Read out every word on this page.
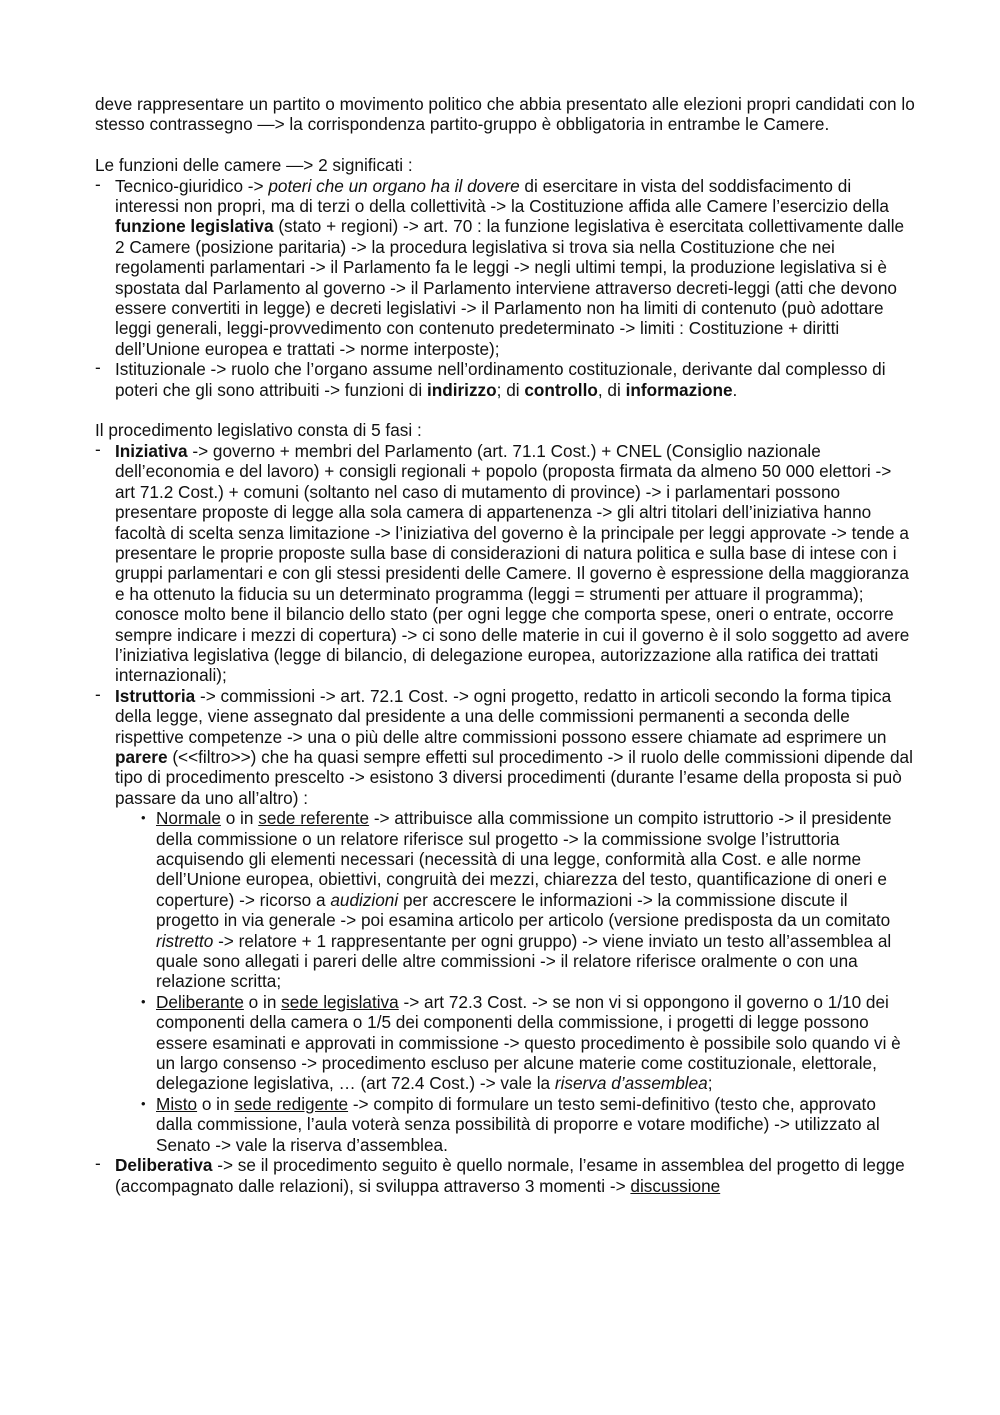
deve rappresentare un partito o movimento politico che abbia presentato alle elezioni propri candidati con lo stesso contrassegno —> la corrispondenza partito-gruppo è obbligatoria in entrambe le Camere.

Le funzioni delle camere —> 2 significati :

- Tecnico-giuridico -> poteri che un organo ha il dovere di esercitare in vista del soddisfacimento di interessi non propri, ma di terzi o della collettività -> la Costituzione affida alle Camere l’esercizio della funzione legislativa (stato + regioni) -> art. 70 : la funzione legislativa è esercitata collettivamente dalle 2 Camere (posizione paritaria) -> la procedura legislativa si trova sia nella Costituzione che nei regolamenti parlamentari -> il Parlamento fa le leggi -> negli ultimi tempi, la produzione legislativa si è spostata dal Parlamento al governo -> il Parlamento interviene attraverso decreti-leggi (atti che devono essere convertiti in legge) e decreti legislativi -> il Parlamento non ha limiti di contenuto (può adottare leggi generali, leggi-provvedimento con contenuto predeterminato -> limiti : Costituzione + diritti dell’Unione europea e trattati -> norme interposte);
- Istituzionale -> ruolo che l’organo assume nell’ordinamento costituzionale, derivante dal complesso di poteri che gli sono attribuiti -> funzioni di indirizzo; di controllo, di informazione.

Il procedimento legislativo consta di 5 fasi :

- Iniziativa -> governo + membri del Parlamento (art. 71.1 Cost.) + CNEL (Consiglio nazionale dell’economia e del lavoro) + consigli regionali + popolo (proposta firmata da almeno 50 000 elettori -> art 71.2 Cost.) + comuni (soltanto nel caso di mutamento di province) -> i parlamentari possono presentare proposte di legge alla sola camera di appartenenza -> gli altri titolari dell’iniziativa hanno facoltà di scelta senza limitazione -> l’iniziativa del governo è la principale per leggi approvate -> tende a presentare le proprie proposte sulla base di considerazioni di natura politica e sulla base di intese con i gruppi parlamentari e con gli stessi presidenti delle Camere. Il governo è espressione della maggioranza e ha ottenuto la fiducia su un determinato programma (leggi = strumenti per attuare il programma); conosce molto bene il bilancio dello stato (per ogni legge che comporta spese, oneri o entrate, occorre sempre indicare i mezzi di copertura) -> ci sono delle materie in cui il governo è il solo soggetto ad avere l’iniziativa legislativa (legge di bilancio, di delegazione europea, autorizzazione alla ratifica dei trattati internazionali);
- Istruttoria -> commissioni -> art. 72.1 Cost. -> ogni progetto, redatto in articoli secondo la forma tipica della legge, viene assegnato dal presidente a una delle commissioni permanenti a seconda delle rispettive competenze -> una o più delle altre commissioni possono essere chiamate ad esprimere un parere (<<filtro>>) che ha quasi sempre effetti sul procedimento -> il ruolo delle commissioni dipende dal tipo di procedimento prescelto -> esistono 3 diversi procedimenti (durante l’esame della proposta si può passare da uno all’altro) :
• Normale o in sede referente -> attribuisce alla commissione un compito istruttorio -> il presidente della commissione o un relatore riferisce sul progetto -> la commissione svolge l’istruttoria acquisendo gli elementi necessari (necessità di una legge, conformità alla Cost. e alle norme dell’Unione europea, obiettivi, congruità dei mezzi, chiarezza del testo, quantificazione di oneri e coperture) -> ricorso a audizioni per accrescere le informazioni -> la commissione discute il progetto in via generale -> poi esamina articolo per articolo (versione predisposta da un comitato ristretto -> relatore + 1 rappresentante per ogni gruppo) -> viene inviato un testo all’assemblea al quale sono allegati i pareri delle altre commissioni -> il relatore riferisce oralmente o con una relazione scritta;
• Deliberante o in sede legislativa -> art 72.3 Cost. -> se non vi si oppongono il governo o 1/10 dei componenti della camera o 1/5 dei componenti della commissione, i progetti di legge possono essere esaminati e approvati in commissione -> questo procedimento è possibile solo quando vi è un largo consenso -> procedimento escluso per alcune materie come costituzionale, elettorale, delegazione legislativa, … (art 72.4 Cost.) -> vale la riserva d’assemblea;
• Misto o in sede redigente -> compito di formulare un testo semi-definitivo (testo che, approvato dalla commissione, l’aula voterà senza possibilità di proporre e votare modifiche) -> utilizzato al Senato -> vale la riserva d’assemblea.
- Deliberativa -> se il procedimento seguito è quello normale, l’esame in assemblea del progetto di legge (accompagnato dalle relazioni), si sviluppa attraverso 3 momenti -> discussione
